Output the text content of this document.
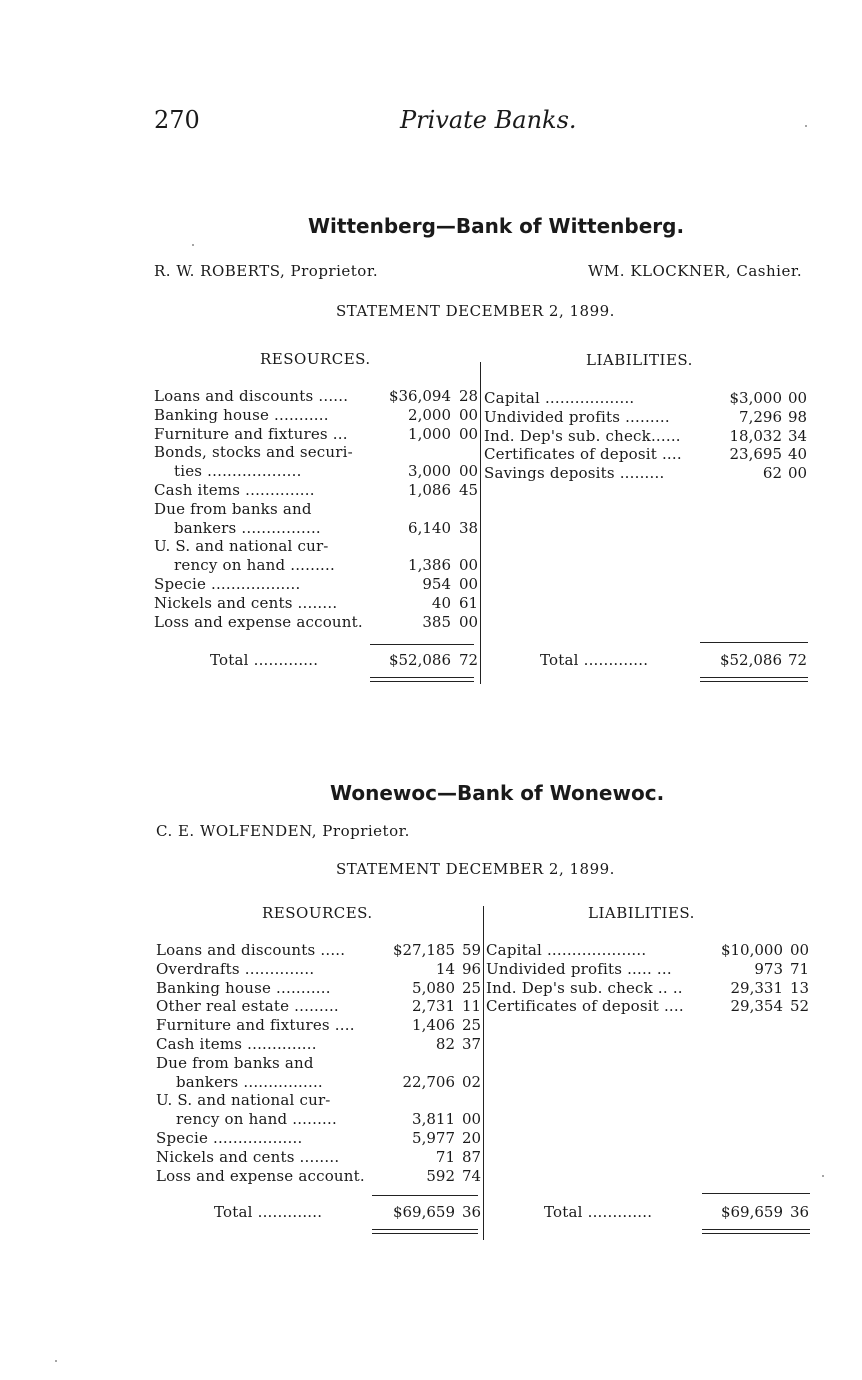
270	Private Banks.
Wittenberg—Bank of Wittenberg.
R. W. ROBERTS, Proprietor.	WM. KLOCKNER, Cashier.
STATEMENT DECEMBER 2, 1899.
RESOURCES.	LIABILITIES.
Loans and discounts ......	$36,094 28
Banking house ...........	2,000 00
Furniture and fixtures ...	1,000 00
Bonds, stocks and securi-
ties ...................	3,000 00
Cash items ..............	1,086 45
Due from banks and
bankers ................	6,140 38
U. S. and national cur-
rency on hand .........	1,386 00
Specie ..................	954 00
Nickels and cents ........	40 61
Loss and expense account.	385 00
Capital ..................	$3,000 00
Undivided profits .........	7,296 98
Ind. Dep's sub. check......	18,032 34
Certificates of deposit ....	23,695 40
Savings deposits .........	62 00
Total .............	$52,086 72	Total .............	$52,086 72
Wonewoc—Bank of Wonewoc.
C. E. WOLFENDEN, Proprietor.
STATEMENT DECEMBER 2, 1899.
RESOURCES.	LIABILITIES.
Loans and discounts .....	$27,185 59
Overdrafts ..............	14 96
Banking house ...........	5,080 25
Other real estate .........	2,731 11
Furniture and fixtures ....	1,406 25
Cash items ..............	82 37
Due from banks and
bankers ................	22,706 02
U. S. and national cur-
rency on hand .........	3,811 00
Specie ..................	5,977 20
Nickels and cents ........	71 87
Loss and expense account.	592 74
Capital ....................	$10,000 00
Undivided profits ..... ...	973 71
Ind. Dep's sub. check .. ..	29,331 13
Certificates of deposit ....	29,354 52
Total .............	$69,659 36	Total .............	$69,659 36
